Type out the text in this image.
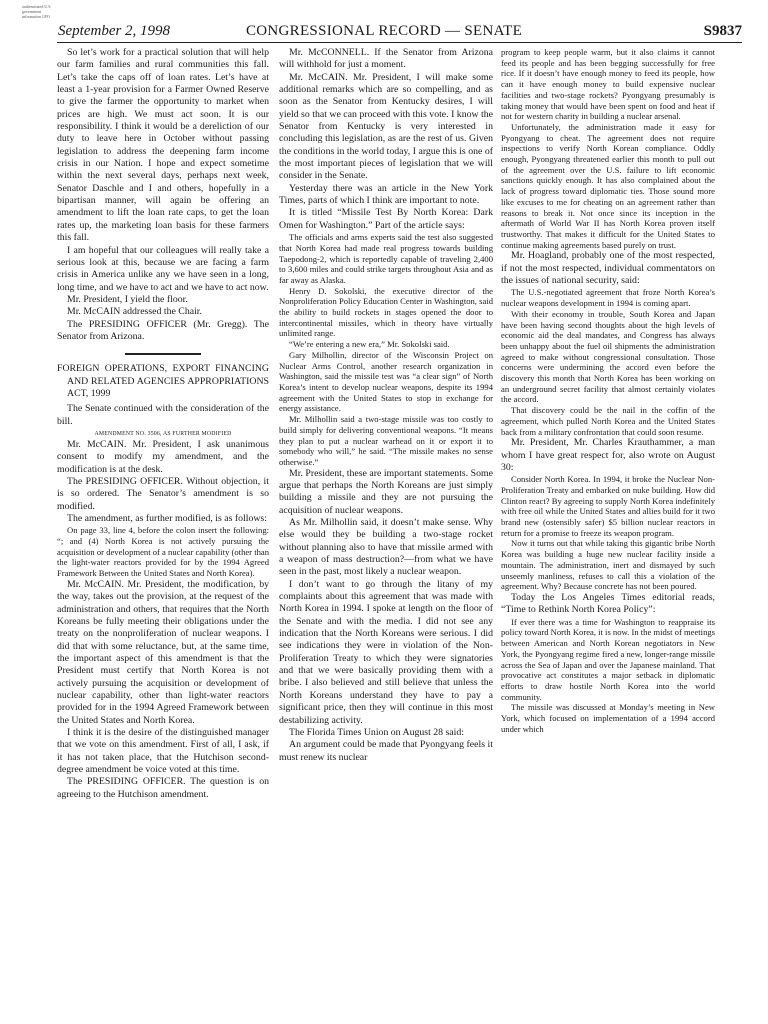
authenticated U.S. government information GPO
September 2, 1998	CONGRESSIONAL RECORD — SENATE	S9837

So let’s work for a practical solution that will help our farm families and rural communities this fall. Let’s take the caps off of loan rates. Let’s have at least a 1-year provision for a Farmer Owned Reserve to give the farmer the opportunity to market when prices are high. We must act soon. It is our responsibility. I think it would be a dereliction of our duty to leave here in October without passing legislation to address the deepening farm income crisis in our Nation. I hope and expect sometime within the next several days, perhaps next week, Senator Daschle and I and others, hopefully in a bipartisan manner, will again be offering an amendment to lift the loan rate caps, to get the loan rates up, the marketing loan basis for these farmers this fall.

I am hopeful that our colleagues will really take a serious look at this, because we are facing a farm crisis in America unlike any we have seen in a long, long time, and we have to act and we have to act now.

Mr. President, I yield the floor.

Mr. McCAIN addressed the Chair.

The PRESIDING OFFICER (Mr. Gregg). The Senator from Arizona.

FOREIGN OPERATIONS, EXPORT FINANCING AND RELATED AGENCIES APPROPRIATIONS ACT, 1999

The Senate continued with the consideration of the bill.

AMENDMENT NO. 3506, AS FURTHER MODIFIED

Mr. McCAIN. Mr. President, I ask unanimous consent to modify my amendment, and the modification is at the desk.

The PRESIDING OFFICER. Without objection, it is so ordered. The Senator’s amendment is so modified.

The amendment, as further modified, is as follows:

On page 33, line 4, before the colon insert the following: “; and (4) North Korea is not actively pursuing the acquisition or development of a nuclear capability (other than the light-water reactors provided for by the 1994 Agreed Framework Between the United States and North Korea).

Mr. McCAIN. Mr. President, the modification, by the way, takes out the provision, at the request of the administration and others, that requires that the North Koreans be fully meeting their obligations under the treaty on the nonproliferation of nuclear weapons. I did that with some reluctance, but, at the same time, the important aspect of this amendment is that the President must certify that North Korea is not actively pursuing the acquisition or development of nuclear capability, other than light-water reactors provided for in the 1994 Agreed Framework between the United States and North Korea.

I think it is the desire of the distinguished manager that we vote on this amendment. First of all, I ask, if it has not taken place, that the Hutchison second-degree amendment be voice voted at this time.

The PRESIDING OFFICER. The question is on agreeing to the Hutchison amendment.

Mr. McCONNELL. If the Senator from Arizona will withhold for just a moment.

Mr. McCAIN. Mr. President, I will make some additional remarks which are so compelling, and as soon as the Senator from Kentucky desires, I will yield so that we can proceed with this vote. I know the Senator from Kentucky is very interested in concluding this legislation, as are the rest of us. Given the conditions in the world today, I argue this is one of the most important pieces of legislation that we will consider in the Senate.

Yesterday there was an article in the New York Times, parts of which I think are important to note.

It is titled “Missile Test By North Korea: Dark Omen for Washington.” Part of the article says:

The officials and arms experts said the test also suggested that North Korea had made real progress towards building Taepodong-2, which is reportedly capable of traveling 2,400 to 3,600 miles and could strike targets throughout Asia and as far away as Alaska.

Henry D. Sokolski, the executive director of the Nonproliferation Policy Education Center in Washington, said the ability to build rockets in stages opened the door to intercontinental missiles, which in theory have virtually unlimited range.

“We’re entering a new era,” Mr. Sokolski said.

Gary Milhollin, director of the Wisconsin Project on Nuclear Arms Control, another research organization in Washington, said the missile test was “a clear sign” of North Korea’s intent to develop nuclear weapons, despite its 1994 agreement with the United States to stop in exchange for energy assistance.

Mr. Milhollin said a two-stage missile was too costly to build simply for delivering conventional weapons. “It means they plan to put a nuclear warhead on it or export it to somebody who will,” he said. “The missile makes no sense otherwise.”

Mr. President, these are important statements. Some argue that perhaps the North Koreans are just simply building a missile and they are not pursuing the acquisition of nuclear weapons.

As Mr. Milhollin said, it doesn’t make sense. Why else would they be building a two-stage rocket without planning also to have that missile armed with a weapon of mass destruction?—from what we have seen in the past, most likely a nuclear weapon.

I don’t want to go through the litany of my complaints about this agreement that was made with North Korea in 1994. I spoke at length on the floor of the Senate and with the media. I did not see any indication that the North Koreans were serious. I did see indications they were in violation of the Non-Proliferation Treaty to which they were signatories and that we were basically providing them with a bribe. I also believed and still believe that unless the North Koreans understand they have to pay a significant price, then they will continue in this most destabilizing activity.

The Florida Times Union on August 28 said:

An argument could be made that Pyongyang feels it must renew its nuclear

program to keep people warm, but it also claims it cannot feed its people and has been begging successfully for free rice. If it doesn’t have enough money to feed its people, how can it have enough money to build expensive nuclear facilities and two-stage rockets? Pyongyang presumably is taking money that would have been spent on food and heat if not for western charity in building a nuclear arsenal.

Unfortunately, the administration made it easy for Pyongyang to cheat. The agreement does not require inspections to verify North Korean compliance. Oddly enough, Pyongyang threatened earlier this month to pull out of the agreement over the U.S. failure to lift economic sanctions quickly enough. It has also complained about the lack of progress toward diplomatic ties. Those sound more like excuses to me for cheating on an agreement rather than reasons to break it. Not once since its inception in the aftermath of World War II has North Korea proven itself trustworthy. That makes it difficult for the United States to continue making agreements based purely on trust.

Mr. Hoagland, probably one of the most respected, if not the most respected, individual commentators on the issues of national security, said:

The U.S.-negotiated agreement that froze North Korea’s nuclear weapons development in 1994 is coming apart.

With their economy in trouble, South Korea and Japan have been having second thoughts about the high levels of economic aid the deal mandates, and Congress has always been unhappy about the fuel oil shipments the administration agreed to make without congressional consultation. Those concerns were undermining the accord even before the discovery this month that North Korea has been working on an underground secret facility that almost certainly violates the accord.

That discovery could be the nail in the coffin of the agreement, which pulled North Korea and the United States back from a military confrontation that could soon resume.

Mr. President, Mr. Charles Krauthammer, a man whom I have great respect for, also wrote on August 30:

Consider North Korea. In 1994, it broke the Nuclear Non-Proliferation Treaty and embarked on nuke building. How did Clinton react? By agreeing to supply North Korea indefinitely with free oil while the United States and allies build for it two brand new (ostensibly safer) $5 billion nuclear reactors in return for a promise to freeze its weapon program.

Now it turns out that while taking this gigantic bribe North Korea was building a huge new nuclear facility inside a mountain. The administration, inert and dismayed by such unseemly manliness, refuses to call this a violation of the agreement. Why? Because concrete has not been poured.

Today the Los Angeles Times editorial reads, “Time to Rethink North Korea Policy”:

If ever there was a time for Washington to reappraise its policy toward North Korea, it is now. In the midst of meetings between American and North Korean negotiators in New York, the Pyongyang regime fired a new, longer-range missile across the Sea of Japan and over the Japanese mainland. That provocative act constitutes a major setback in diplomatic efforts to draw hostile North Korea into the world community.

The missile was discussed at Monday’s meeting in New York, which focused on implementation of a 1994 accord under which
